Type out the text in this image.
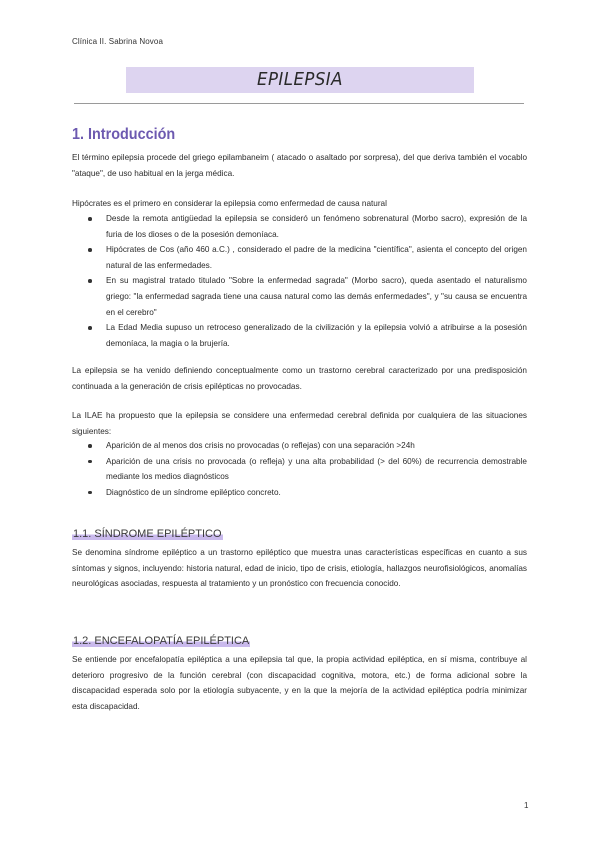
Clínica II. Sabrina Novoa
EPILEPSIA
1. Introducción
El término epilepsia procede del griego epilambaneim ( atacado o asaltado por sorpresa), del que deriva también el vocablo "ataque", de uso habitual en la jerga médica.
Hipócrates es el primero en considerar la epilepsia como enfermedad de causa natural
Desde la remota antigüedad la epilepsia se consideró un fenómeno sobrenatural (Morbo sacro), expresión de la furia de los dioses o de la posesión demoníaca.
Hipócrates de Cos (año 460 a.C.) , considerado el padre de la medicina "científica", asienta el concepto del origen natural de las enfermedades.
En su magistral tratado titulado "Sobre la enfermedad sagrada" (Morbo sacro), queda asentado el naturalismo griego: "la enfermedad sagrada tiene una causa natural como las demás enfermedades", y "su causa se encuentra en el cerebro"
La Edad Media supuso un retroceso generalizado de la civilización y la epilepsia volvió a atribuirse a la posesión demoníaca, la magia o la brujería.
La epilepsia se ha venido definiendo conceptualmente como un trastorno cerebral caracterizado por una predisposición continuada a la generación de crisis epilépticas no provocadas.
La ILAE ha propuesto que la epilepsia se considere una enfermedad cerebral definida por cualquiera de las situaciones siguientes:
Aparición de al menos dos crisis no provocadas (o reflejas) con una separación >24h
Aparición de una crisis no provocada (o refleja) y una alta probabilidad (> del 60%) de recurrencia demostrable mediante los medios diagnósticos
Diagnóstico de un síndrome epiléptico concreto.
1.1. SÍNDROME EPILÉPTICO
Se denomina síndrome epiléptico a un trastorno epiléptico que muestra unas características específicas en cuanto a sus síntomas y signos, incluyendo: historia natural, edad de inicio, tipo de crisis, etiología, hallazgos neurofisiológicos, anomalías neurológicas asociadas, respuesta al tratamiento y un pronóstico con frecuencia conocido.
1.2. ENCEFALOPATÍA EPILÉPTICA
Se entiende por encefalopatía epiléptica a una epilepsia tal que, la propia actividad epiléptica, en sí misma, contribuye al deterioro progresivo de la función cerebral (con discapacidad cognitiva, motora, etc.) de forma adicional sobre la discapacidad esperada solo por la etiología subyacente, y en la que la mejoría de la actividad epiléptica podría minimizar esta discapacidad.
1
